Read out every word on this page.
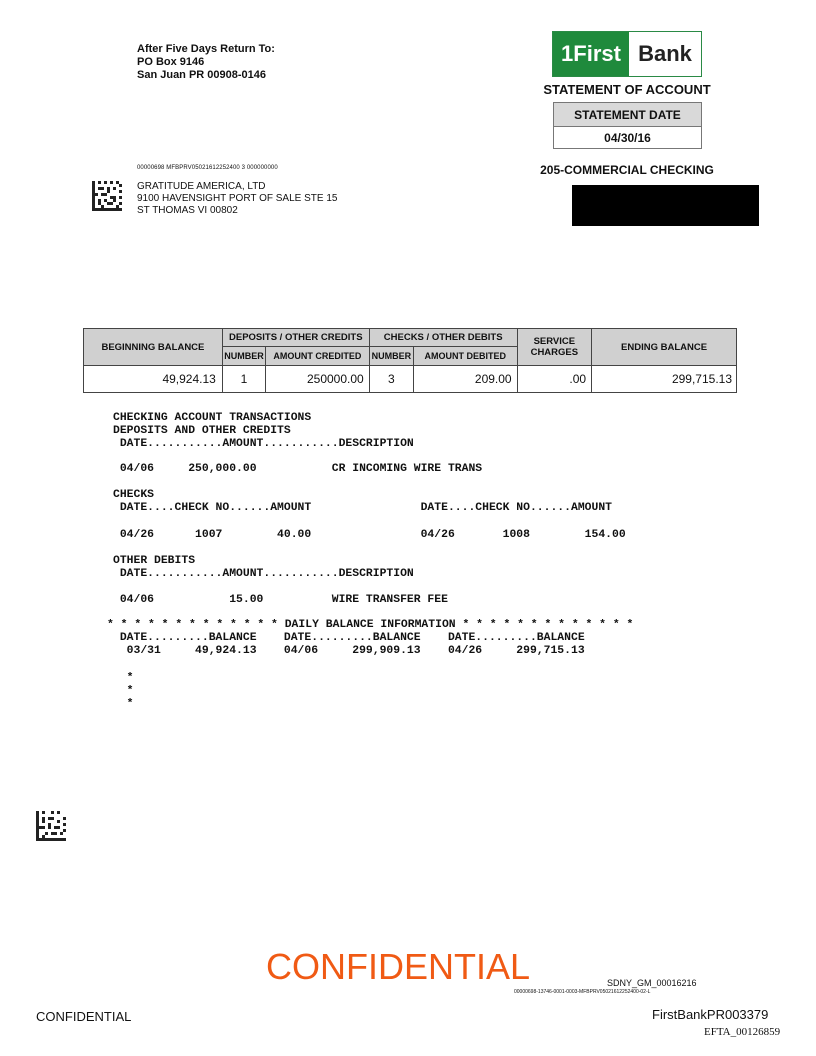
After Five Days Return To:
PO Box 9146
San Juan PR 00908-0146
1First Bank
STATEMENT OF ACCOUNT
STATEMENT DATE
04/30/16
205-COMMERCIAL CHECKING
00000698 MFBPRV05021612252400 3 000000000
GRATITUDE AMERICA, LTD
9100 HAVENSIGHT PORT OF SALE STE 15
ST THOMAS VI 00802
BEGINNING BALANCE	DEPOSITS / OTHER CREDITS		CHECKS / OTHER DEBITS		SERVICE CHARGES	ENDING BALANCE
	NUMBER	AMOUNT CREDITED	NUMBER	AMOUNT DEBITED		
49,924.13	1	250000.00	3	209.00	.00	299,715.13
CHECKING ACCOUNT TRANSACTIONS
DEPOSITS AND OTHER CREDITS
DATE...........AMOUNT...........DESCRIPTION
04/06     250,000.00           CR INCOMING WIRE TRANS
CHECKS
DATE....CHECK NO......AMOUNT                DATE....CHECK NO......AMOUNT
04/26      1007        40.00                04/26       1008        154.00
OTHER DEBITS
DATE...........AMOUNT...........DESCRIPTION
04/06           15.00          WIRE TRANSFER FEE
* * * * * * * * * * * * * DAILY BALANCE INFORMATION * * * * * * * * * * * * *
DATE.........BALANCE    DATE.........BALANCE    DATE.........BALANCE
03/31     49,924.13    04/06     299,909.13    04/26     299,715.13
*
*
*
CONFIDENTIAL	SDNY_GM_00016216
00000698-13746-0001-0003-MFBPRV05021612252400-02-L
CONFIDENTIAL	FirstBankPR003379
EFTA_00126859
